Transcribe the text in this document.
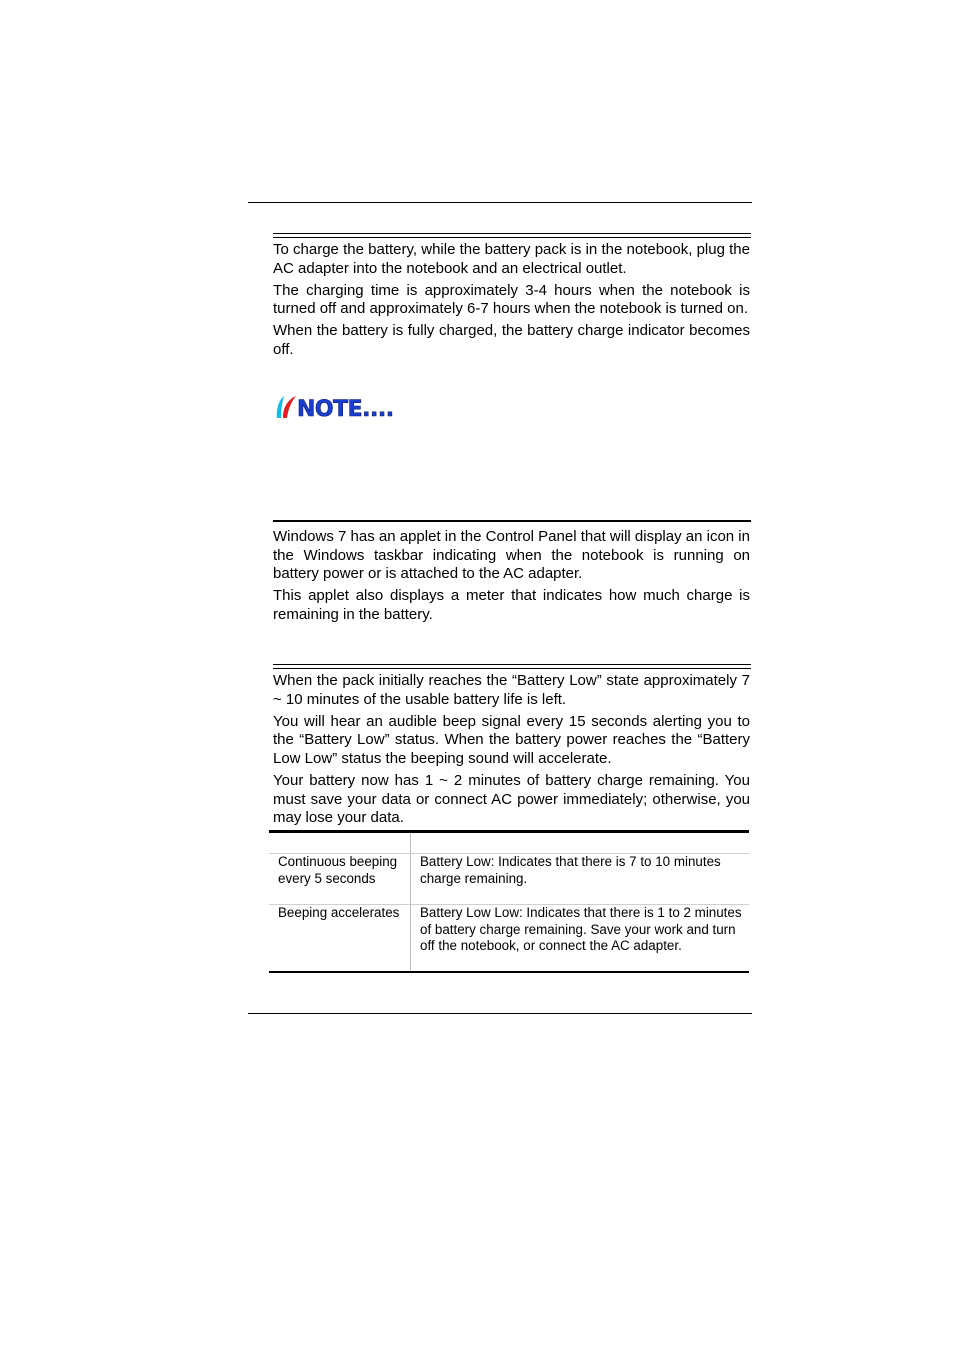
To charge the battery, while the battery pack is in the notebook, plug the AC adapter into the notebook and an electrical outlet.

The charging time is approximately 3-4 hours when the notebook is turned off and approximately 6-7 hours when the notebook is turned on.

When the battery is fully charged, the battery charge indicator becomes off.

NOTE....

Windows 7 has an applet in the Control Panel that will display an icon in the Windows taskbar indicating when the notebook is running on battery power or is attached to the AC adapter.

This applet also displays a meter that indicates how much charge is remaining in the battery.

When the pack initially reaches the “Battery Low” state approximately 7 ~ 10 minutes of the usable battery life is left.

You will hear an audible beep signal every 15 seconds alerting you to the “Battery Low” status. When the battery power reaches the “Battery Low Low” status the beeping sound will accelerate.

Your battery now has 1 ~ 2 minutes of battery charge remaining. You must save your data or connect AC power immediately; otherwise, you may lose your data.

Continuous beeping every 5 seconds	Battery Low: Indicates that there is 7 to 10 minutes charge remaining.
Beeping accelerates	Battery Low Low: Indicates that there is 1 to 2 minutes of battery charge remaining. Save your work and turn off the notebook, or connect the AC adapter.
